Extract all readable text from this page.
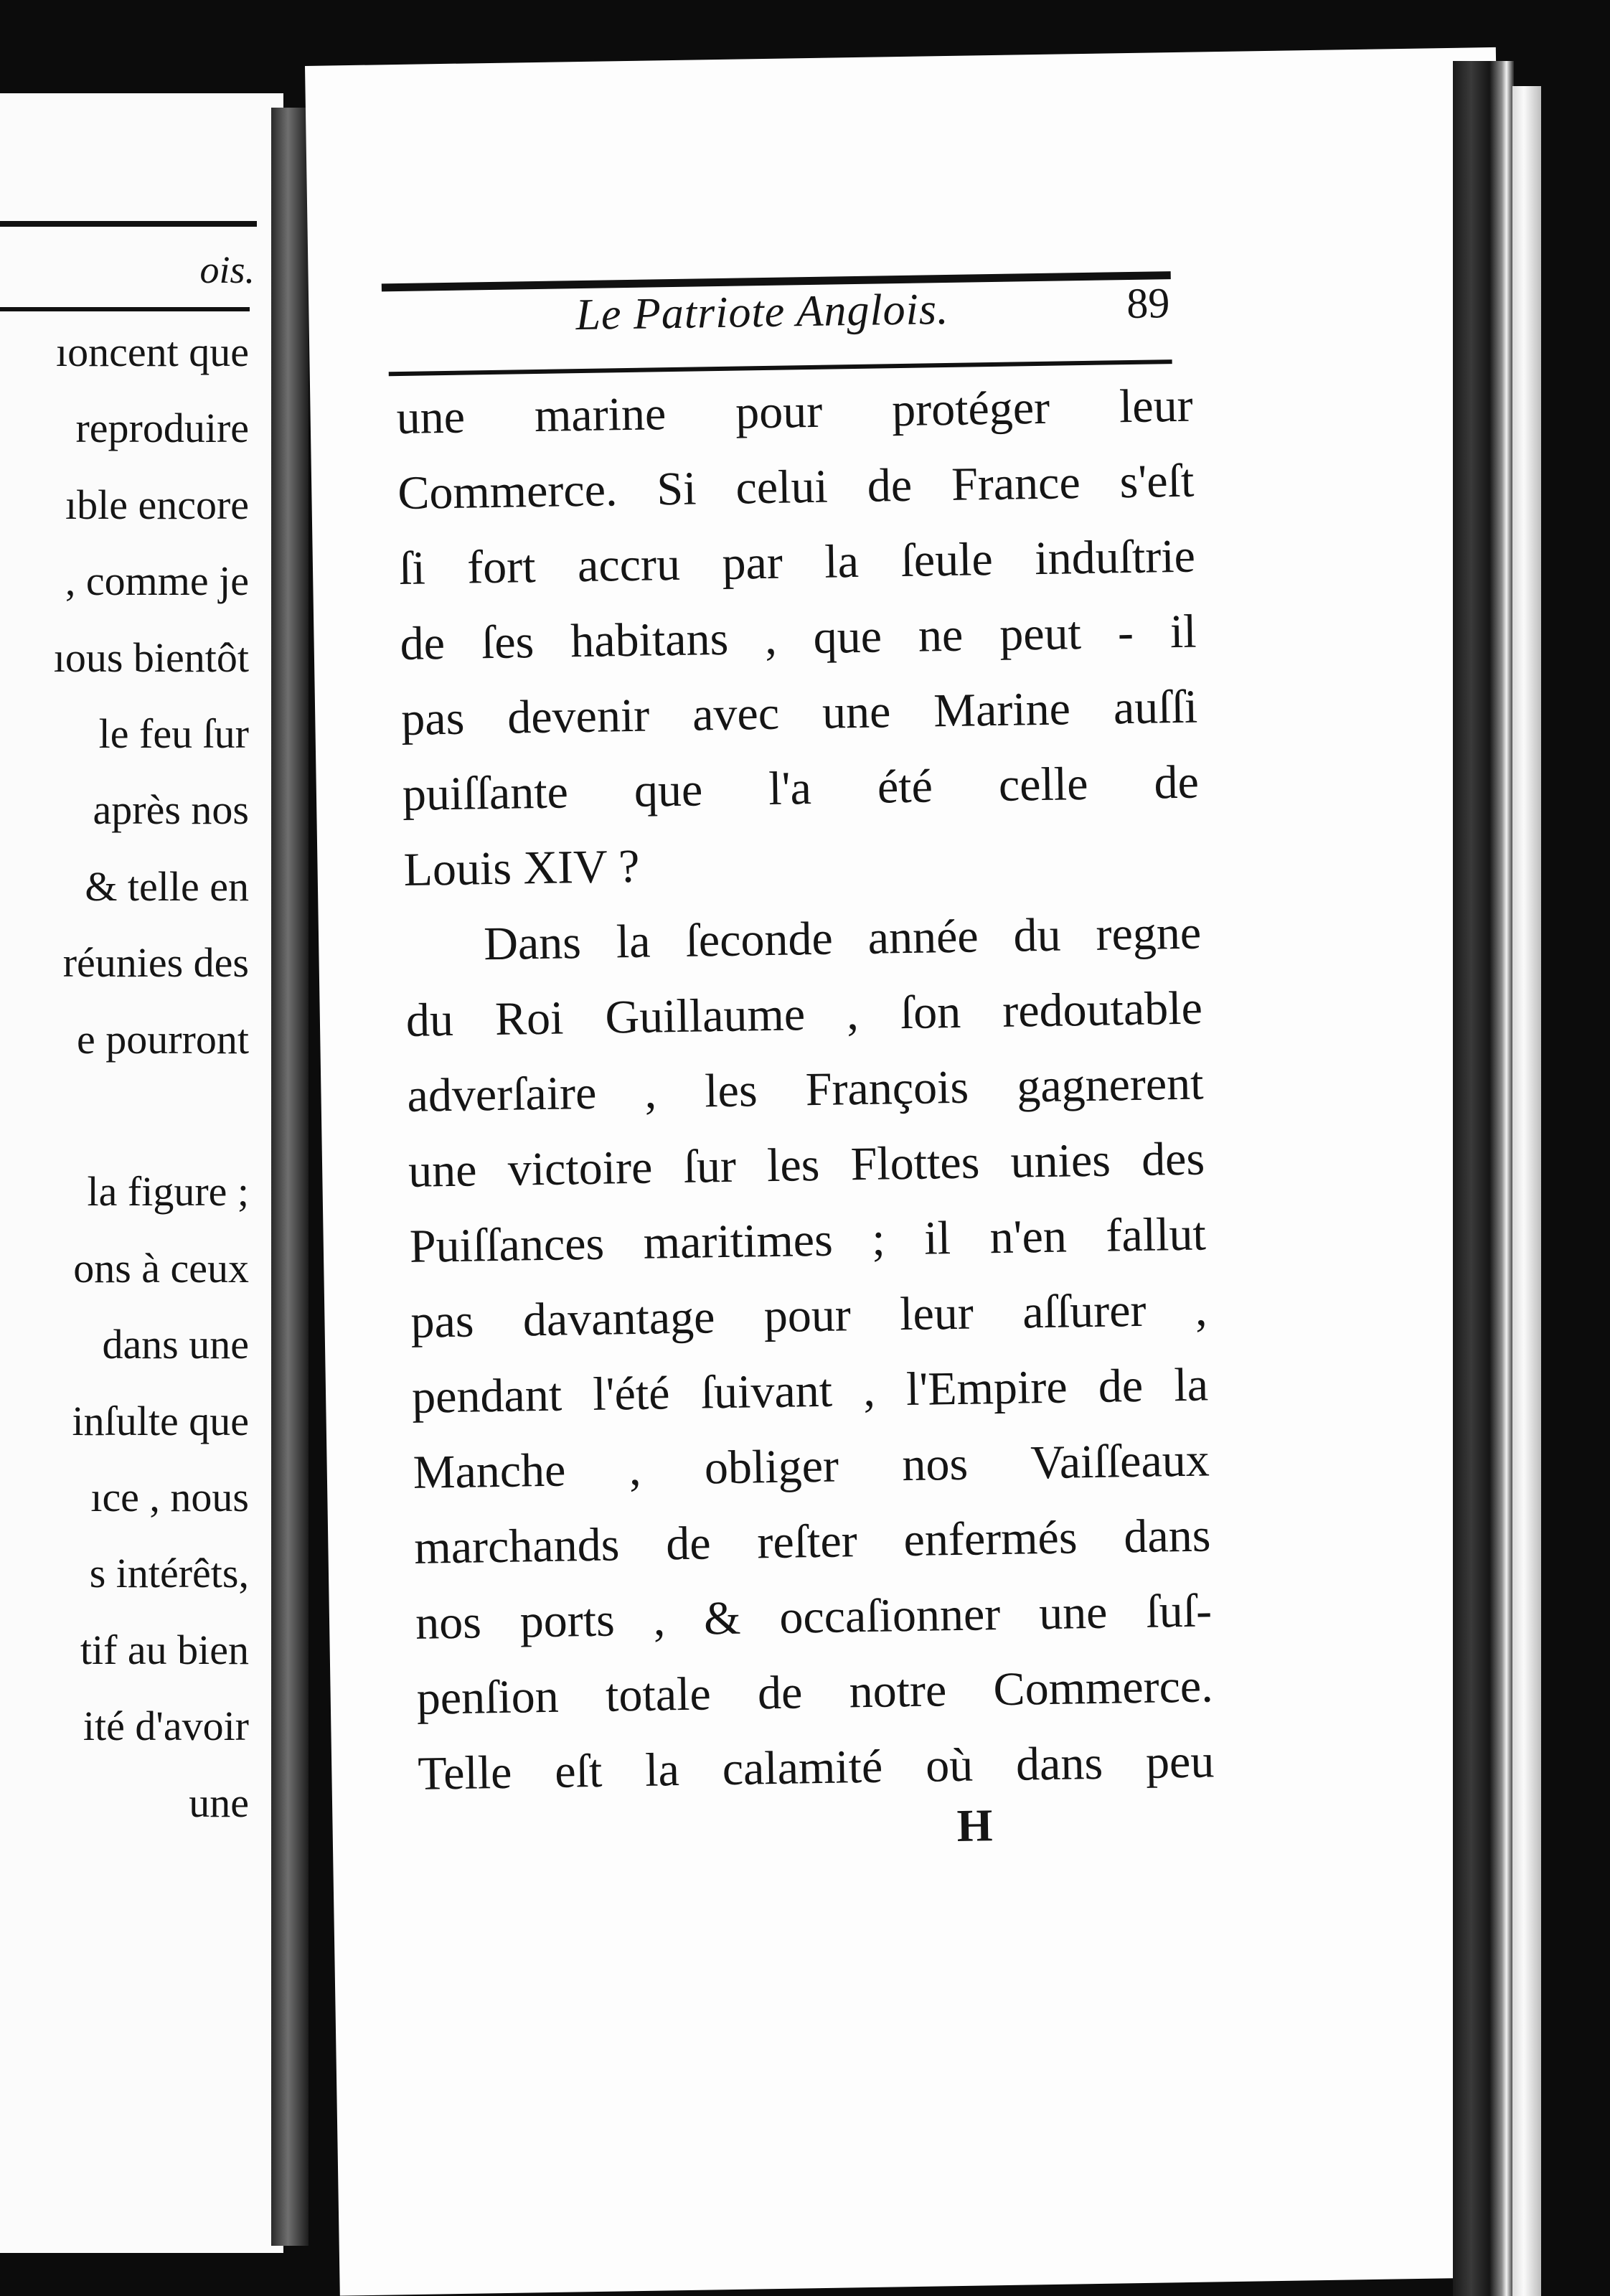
ois.
ıoncent que
reproduire
ıble encore
, comme je
ıous bientôt
le feu ſur
après nos
& telle en
réunies des
e pourront
la figure ;
ons à ceux
dans une
inſulte que
ıce , nous
s intérêts,
tif au bien
ité d'avoir
une
Le Patriote Anglois.	89
une marine pour protéger leur
Commerce. Si celui de France s'eſt
ſi fort accru par la ſeule induſtrie
de ſes habitans , que ne peut - il
pas devenir avec une Marine auſſi
puiſſante que l'a été celle de
Louis XIV ?
Dans la ſeconde année du regne
du Roi Guillaume , ſon redoutable
adverſaire , les François gagnerent
une victoire ſur les Flottes unies des
Puiſſances maritimes ; il n'en fallut
pas davantage pour leur aſſurer ,
pendant l'été ſuivant , l'Empire de la
Manche , obliger nos Vaiſſeaux
marchands de reſter enfermés dans
nos ports , & occaſionner une ſuſ-
penſion totale de notre Commerce.
Telle eſt la calamité où dans peu
H
